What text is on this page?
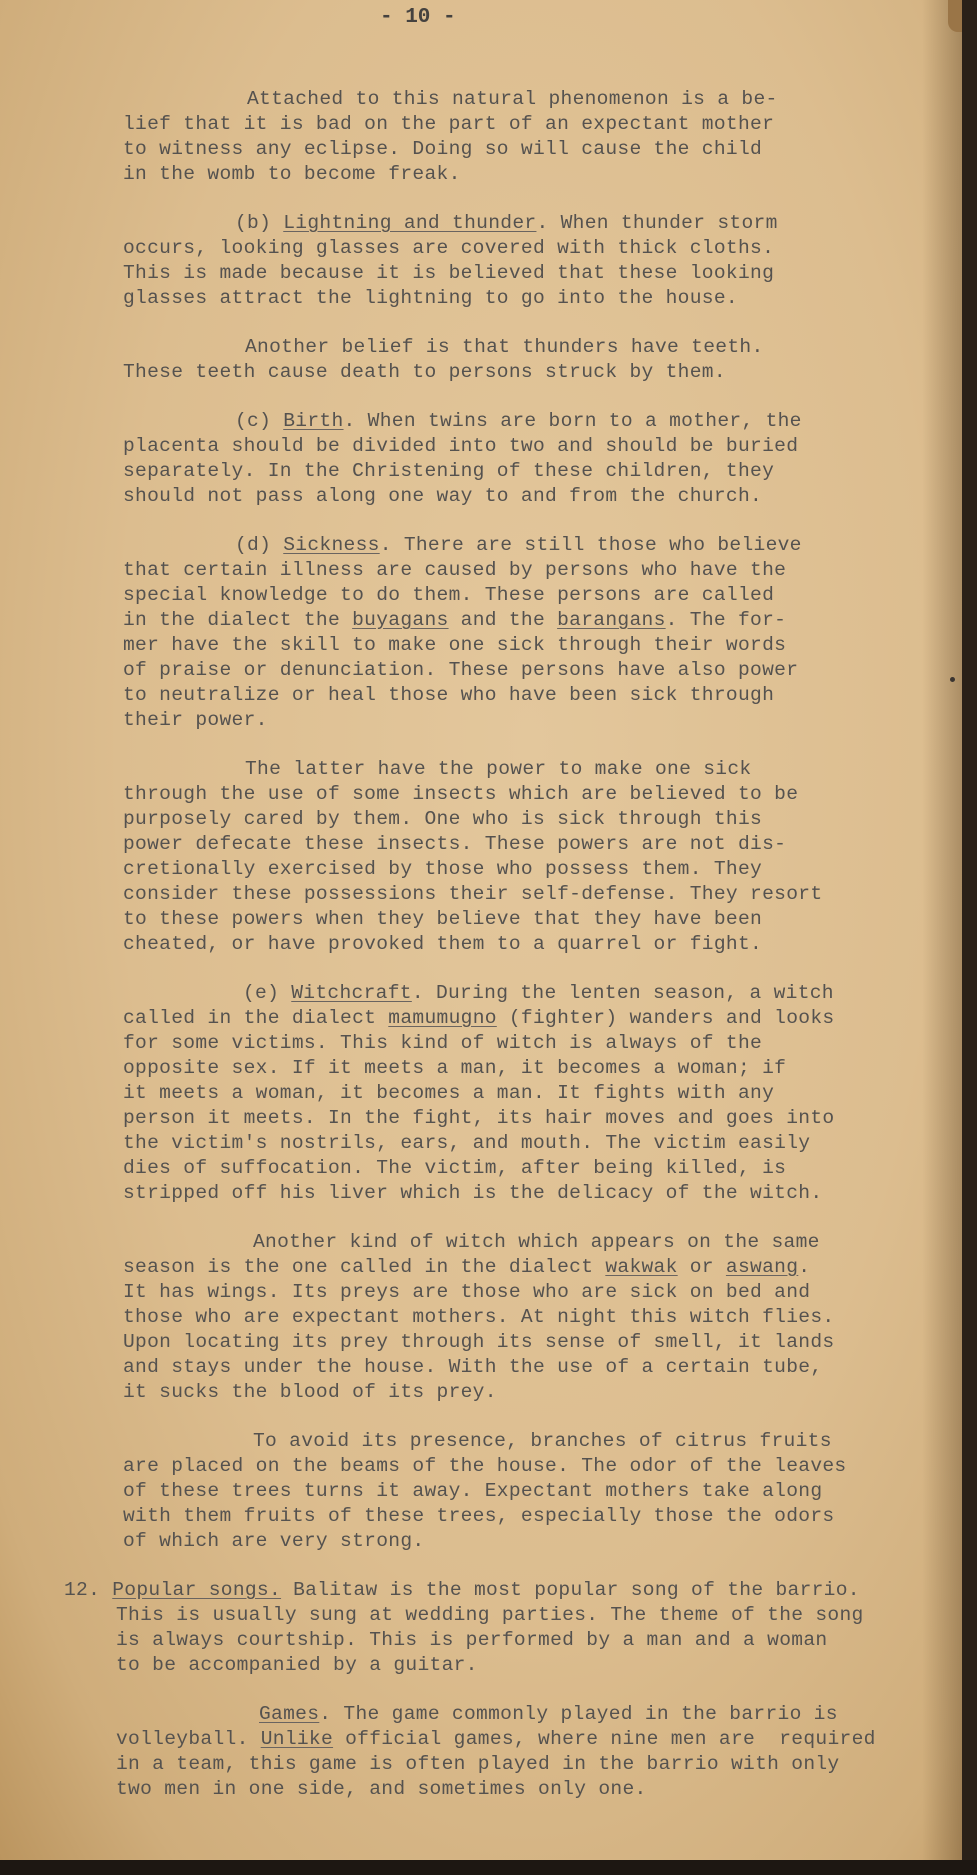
- 10 -
Attached to this natural phenomenon is a be-
lief that it is bad on the part of an expectant mother
to witness any eclipse. Doing so will cause the child
in the womb to become freak.
(b) Lightning and thunder. When thunder storm
occurs, looking glasses are covered with thick cloths.
This is made because it is believed that these looking
glasses attract the lightning to go into the house.
Another belief is that thunders have teeth.
These teeth cause death to persons struck by them.
(c) Birth. When twins are born to a mother, the
placenta should be divided into two and should be buried
separately. In the Christening of these children, they
should not pass along one way to and from the church.
(d) Sickness. There are still those who believe
that certain illness are caused by persons who have the
special knowledge to do them. These persons are called
in the dialect the buyagans and the barangans. The for-
mer have the skill to make one sick through their words
of praise or denunciation. These persons have also power
to neutralize or heal those who have been sick through
their power.
The latter have the power to make one sick
through the use of some insects which are believed to be
purposely cared by them. One who is sick through this
power defecate these insects. These powers are not dis-
cretionally exercised by those who possess them. They
consider these possessions their self-defense. They resort
to these powers when they believe that they have been
cheated, or have provoked them to a quarrel or fight.
(e) Witchcraft. During the lenten season, a witch
called in the dialect mamumugno (fighter) wanders and looks
for some victims. This kind of witch is always of the
opposite sex. If it meets a man, it becomes a woman; if
it meets a woman, it becomes a man. It fights with any
person it meets. In the fight, its hair moves and goes into
the victim's nostrils, ears, and mouth. The victim easily
dies of suffocation. The victim, after being killed, is
stripped off his liver which is the delicacy of the witch.
Another kind of witch which appears on the same
season is the one called in the dialect wakwak or aswang.
It has wings. Its preys are those who are sick on bed and
those who are expectant mothers. At night this witch flies.
Upon locating its prey through its sense of smell, it lands
and stays under the house. With the use of a certain tube,
it sucks the blood of its prey.
To avoid its presence, branches of citrus fruits
are placed on the beams of the house. The odor of the leaves
of these trees turns it away. Expectant mothers take along
with them fruits of these trees, especially those the odors
of which are very strong.
12. Popular songs. Balitaw is the most popular song of the barrio.
This is usually sung at wedding parties. The theme of the song
is always courtship. This is performed by a man and a woman
to be accompanied by a guitar.
Games. The game commonly played in the barrio is
volleyball. Unlike official games, where nine men are  required
in a team, this game is often played in the barrio with only
two men in one side, and sometimes only one.
